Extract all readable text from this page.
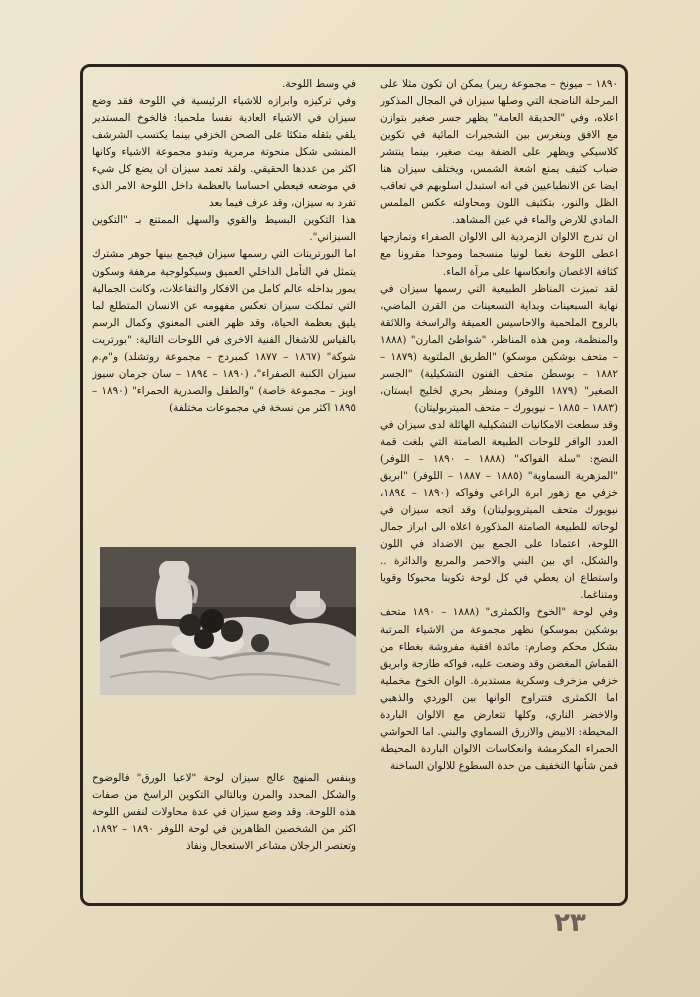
١٨٩٠ – ميونخ – مجموعة ريبر) يمكن ان تكون مثلا على المرحلة الناضجة التي وصلها سيزان في المجال المذكور اعلاه، وفي "الحديقة العامة" يظهر جسر صغير بتوازن مع الافق وينغرس بين الشجيرات المائية في تكوين كلاسيكي ويظهر على الضفة بيت صغير، بينما ينتشر ضباب كثيف يمنع اشعة الشمس، ويختلف سيزان هنا ايضا عن الانطباعيين في انه استبدل اسلوبهم في تعاقب الظل والنور، بتكثيف اللون ومحاولته عكس الملمس المادي للارض والماء في عين المشاهد.

ان تدرج الالوان الزمردية الى الالوان الصفراء وتمازجها اعطى اللوحة نغما لونيا منسجما وموحدا مقرونا مع كثافة الاغصان وانعكاسها على مرآة الماء.

لقد تميزت المناظر الطبيعية التي رسمها سيزان في نهاية السبعينات وبداية التسعينات من القرن الماضي، بالروح الملحمية والاحاسيس العميقة والراسخة واللائقة والمنظمة، ومن هذه المناظر، "شواطئ المارن" (١٨٨٨ – متحف بوشكين موسكو) "الطريق الملتوية (١٨٧٩ – ١٨٨٢ – بوسطن متحف الفنون التشكيلية) "الجسر الصغير" (١٨٧٩ اللوفر) ومنظر بحري لخليج ايستان، (١٨٨٣ – ١٨٨٥ – نيويورك – متحف الميتربوليتان)

وقد سطعت الامكانيات التشكيلية الهائلة لدى سيزان في العدد الوافر للوحات الطبيعة الصامتة التي بلغت قمة النضج: "سلة الفواكه" (١٨٨٨ – ١٨٩٠ – اللوفر) "المزهرية السماوية" (١٨٨٥ – ١٨٨٧ – اللوفر) "ابريق خزفي مع زهور ابرة الراعي وفواكه (١٨٩٠ – ١٨٩٤، نيويورك متحف الميتروبوليتان) وقد اتجه سيزان في لوحاته للطبيعة الصامتة المذكورة اعلاه الى ابراز جمال اللوحة، اعتمادا على الجمع بين الاضداد في اللون والشكل، اي بين البني والاحمر والمربع والدائرة .. واستطاع ان يعطي في كل لوحة تكوينا محبوكا وقويا ومتناغما.

وفي لوحة "الخوخ والكمثرى" (١٨٨٨ – ١٨٩٠ متحف بوشكين بموسكو) نظهر مجموعة من الاشياء المرتبة بشكل محكم وصارم: مائدة افقية مفروشة بغطاء من القماش المغضن وقد وضعت عليه، فواكه طازجة وابريق خزفي مزخرف وسكرية مستديرة. الوان الخوخ مخملية اما الكمثرى فتتراوح الوانها بين الوردي والذهبي والاخضر الناري، وكلها تتعارض مع الالوان الباردة المحيطة: الابيض والازرق السماوي والبني. اما الحواشي الحمراء المكرمشة وانعكاسات الالوان الباردة المحيطة فمن شأنها التخفيف من حدة السطوع للالوان الساخنة

في وسط اللوحة.

وفي تركيزه وابرازه للاشياء الرئيسية في اللوحة فقد وضع سيزان في الاشياء العادية نفسا ملحميا: فالخوخ المستدير يلقي بثقله متكئا على الصحن الخزفي بينما يكتسب الشرشف المنشى شكل منحوتة مرمرية وتبدو مجموعة الاشياء وكانها اكثر من عددها الحقيقي. ولقد تعمد سيزان ان يضع كل شيء في موضعه فيعطي احساسا بالعظمة داخل اللوحة الامر الذى تفرد به سيزان، وقد عرف فيما بعد

هذا التكوين البسيط والقوي والسهل الممتنع بـ "التكوين السيزاني".

اما البورتريتات التي رسمها سيزان فيجمع بينها جوهر مشترك يتمثل في التأمل الداخلي العميق وسيكولوجية مرهفة وسكون يمور بداخله عالم كامل من الافكار والتفاعلات، وكانت الجمالية التي تملكت سيزان تعكس مفهومه عن الانسان المتطلع لما يليق بعظمة الحياة، وقد ظهر الغنى المعنوي وكمال الرسم بالقياس للاشغال الفنية الاخرى في اللوحات التالية: "بورتريت شوكة" (١٨٦٧ – ١٨٧٧ كمبردج – مجموعة روتشلد) و"م.م سيزان الكنبة الصفراء"، (١٨٩٠ – ١٨٩٤ – سان جرمان سيوز اوبز – مجموعة خاصة) "والطفل والصدرية الحمراء" (١٨٩٠ – ١٨٩٥ اكثر من نسخة في مجموعات مختلفة)

وبنفس المنهج عالج سيزان لوحة "لاعبا الورق" فالوضوح والشكل المحدد والمرن وبالتالي التكوين الراسخ من صفات هذه اللوحة. وقد وضع سيزان في عدة محاولات لنفس اللوحة اكثر من الشخصين الظاهرين في لوحة اللوفر ١٨٩٠ – ١٨٩٢، وتعتصر الرجلان مشاعر الاستعجال ونفاذ

٢٣
